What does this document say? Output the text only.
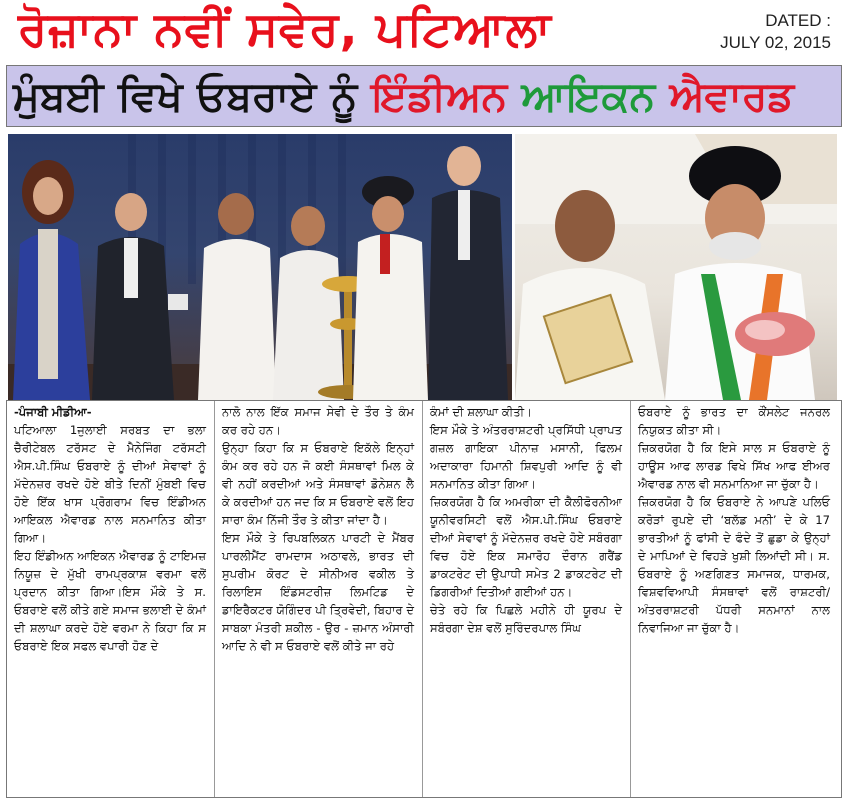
ਰੋਜ਼ਾਨਾ ਨਵੀਂ ਸਵੇਰ, ਪਟਿਆਲਾ	DATED :
JULY 02, 2015
ਮੁੰਬਈ ਵਿਖੇ ਓਬਰਾਏ ਨੂੰ ਇੰਡੀਅਨ ਆਇਕਨ ਐਵਾਰਡ

-ਪੰਜਾਬੀ ਮੀਡੀਆ-

ਪਟਿਆਲਾ 1ਜੁਲਾਈ ਸਰਬਤ ਦਾ ਭਲਾ ਚੈਰੀਟੇਬਲ ਟਰੱਸਟ ਦੇ ਮੈਨੇਜਿੰਗ ਟਰੱਸਟੀ ਐਸ.ਪੀ.ਸਿੰਘ ਓਬਰਾਏ ਨੂੰ ਦੀਆਂ ਸੇਵਾਵਾਂ ਨੂੰ ਮੱਦੇਨਜ਼ਰ ਰਖਦੇ ਹੋਏ ਬੀਤੇ ਦਿਨੀਂ ਮੁੰਬਈ ਵਿਚ ਹੋਏ ਇੱਕ ਖਾਸ ਪ੍ਰੋਗਰਾਮ ਵਿਚ ਇੰਡੀਅਨ ਆਇਕਲ ਐਵਾਰਡ ਨਾਲ ਸਨਮਾਨਿਤ ਕੀਤਾ ਗਿਆ।

ਇਹ ਇੰਡੀਅਨ ਆਇਕਨ ਐਵਾਰਡ ਨੂੰ ਟਾਇਮਜ਼ ਨਿਯੂਜ਼ ਦੇ ਮੁੱਖੀ ਰਾਮਪ੍ਰਕਾਸ਼ ਵਰਮਾ ਵਲੋਂ ਪ੍ਰਦਾਨ ਕੀਤਾ ਗਿਆ।ਇਸ ਮੌਕੇ ਤੇ ਸ. ਓਬਰਾਏ ਵਲੋਂ ਕੀਤੇ ਗਏ ਸਮਾਜ ਭਲਾਈ ਦੇ ਕੰਮਾਂ ਦੀ ਸ਼ਲਾਘਾ ਕਰਦੇ ਹੋਏ ਵਰਮਾ ਨੇ ਕਿਹਾ ਕਿ ਸ ਓਬਰਾਏ ਇਕ ਸਫਲ ਵਪਾਰੀ ਹੋਣ ਦੇ

ਨਾਲੋ ਨਾਲ ਇੱਕ ਸਮਾਜ ਸੇਵੀ ਦੇ ਤੌਰ ਤੇ ਕੰਮ ਕਰ ਰਹੇ ਹਨ।

ਉਨ੍ਹਾ ਕਿਹਾ ਕਿ ਸ ਓਬਰਾਏ ਇਕੱਲੇ ਇਨ੍ਹਾਂ ਕੰਮ ਕਰ ਰਹੇ ਹਨ ਜੋ ਕਈ ਸੰਸਥਾਵਾਂ ਮਿਲ ਕੇ ਵੀ ਨਹੀਂ ਕਰਦੀਆਂ ਅਤੇ ਸੰਸਥਾਵਾਂ ਡੋਨੇਸ਼ਨ ਲੈ ਕੇ ਕਰਦੀਆਂ ਹਨ ਜਦ ਕਿ ਸ ਓਬਰਾਏ ਵਲੋਂ ਇਹ ਸਾਰਾ ਕੰਮ ਨਿੱਜੀ ਤੌਰ ਤੇ ਕੀਤਾ ਜਾਂਦਾ ਹੈ।

ਇਸ ਮੌਕੇ ਤੇ ਰਿਪਬਲਿਕਨ ਪਾਰਟੀ ਦੇ ਮੈਂਬਰ ਪਾਰਲੀਮੈਂਟ ਰਾਮਦਾਸ ਅਠਾਵਲੇ, ਭਾਰਤ ਦੀ ਸੁਪਰੀਮ ਕੋਰਟ ਦੇ ਸੀਨੀਅਰ ਵਕੀਲ ਤੇ ਰਿਲਾਇਸ ਇੰਡਸਟਰੀਜ਼ ਲਿਮਟਿਡ ਦੇ ਡਾਇਰੈਕਟਰ ਯੋਗਿੰਦਰ ਪੀ ਤ੍ਰਿਵੇਦੀ, ਬਿਹਾਰ ਦੇ ਸਾਬਕਾ ਮੰਤਰੀ ਸ਼ਕੀਲ - ਉਰ - ਜ਼ਮਾਨ ਅੰਸਾਰੀ ਆਦਿ ਨੇ ਵੀ ਸ ਓਬਰਾਏ ਵਲੋਂ ਕੀਤੇ ਜਾ ਰਹੇ

ਕੰਮਾਂ ਦੀ ਸ਼ਲਾਘਾ ਕੀਤੀ।

ਇਸ ਮੌਕੇ ਤੇ ਅੰਤਰਰਾਸ਼ਟਰੀ ਪ੍ਰਸਿੱਧੀ ਪ੍ਰਾਪਤ ਗਜ਼ਲ ਗਾਇਕਾ ਪੀਨਾਜ਼ ਮਸਾਨੀ, ਫਿਲਮ ਅਦਾਕਾਰਾ ਹਿਮਾਨੀ ਸ਼ਿਵਪੁਰੀ ਆਦਿ ਨੂੰ ਵੀ ਸਨਮਾਨਿਤ ਕੀਤਾ ਗਿਆ।

ਜ਼ਿਕਰਯੋਗ ਹੈ ਕਿ ਅਮਰੀਕਾ ਦੀ ਕੈਲੀਫੋਰਨੀਆ ਯੂਨੀਵਰਸਿਟੀ ਵਲੋਂ ਐਸ.ਪੀ.ਸਿੰਘ ਓਬਰਾਏ ਦੀਆਂ ਸੇਵਾਵਾਂ ਨੂੰ ਮੱਦੇਨਜ਼ਰ ਰਖਦੇ ਹੋਏ ਸਬੰਰਗਾ ਵਿਚ ਹੋਏ ਇਕ ਸਮਾਰੋਹ ਦੌਰਾਨ ਗਰੈਂਡ ਡਾਕਟਰੇਟ ਦੀ ਉਪਾਧੀ ਸਮੇਤ 2 ਡਾਕਟਰੇਟ ਦੀ ਡਿਗਰੀਆਂ ਦਿਤੀਆਂ ਗਈਆਂ ਹਨ।

ਚੇਤੇ ਰਹੇ ਕਿ ਪਿਛਲੇ ਮਹੀਨੇ ਹੀ ਯੂਰਪ ਦੇ ਸਬੰਰਗਾ ਦੇਸ਼ ਵਲੋਂ ਸੁਰਿੰਦਰਪਾਲ ਸਿੰਘ

ਓਬਰਾਏ ਨੂੰ ਭਾਰਤ ਦਾ ਕੌਂਸਲੇਟ ਜਨਰਲ ਨਿਯੁਕਤ ਕੀਤਾ ਸੀ।

ਜ਼ਿਕਰਯੋਗ ਹੈ ਕਿ ਇਸੇ ਸਾਲ ਸ ਓਬਰਾਏ ਨੂੰ ਹਾਊਸ ਆਫ ਲਾਰਡ ਵਿਖੇ ਸਿੱਖ ਆਫ ਈਅਰ ਐਵਾਰਡ ਨਾਲ ਵੀ ਸਨਮਾਨਿਆ ਜਾ ਚੁੱਕਾ ਹੈ।

ਜ਼ਿਕਰਯੋਗ ਹੈ ਕਿ ਓਬਰਾਏ ਨੇ ਆਪਣੇ ਪਲਿਓ ਕਰੋੜਾਂ ਰੁਪਏ ਦੀ ‘ਬਲੱਡ ਮਨੀ’ ਦੇ ਕੇ 17 ਭਾਰਤੀਆਂ ਨੂੰ ਫਾਂਸੀ ਦੇ ਫੰਦੇ ਤੋਂ ਛੁਡਾ ਕੇ ਉਨ੍ਹਾਂ ਦੇ ਮਾਪਿਆਂ ਦੇ ਵਿਹੜੇ ਖੁਸ਼ੀ ਲਿਆਂਦੀ ਸੀ। ਸ. ਓਬਰਾਏ ਨੂੰ ਅਣਗਿਣਤ ਸਮਾਜਕ, ਧਾਰਮਕ, ਵਿਸ਼ਵਵਿਆਪੀ ਸੰਸਥਾਵਾਂ ਵਲੋਂ ਰਾਸ਼ਟਰੀ/ਅੰਤਰਰਾਸ਼ਟਰੀ ਪੱਧਰੀ ਸਨਮਾਨਾਂ ਨਾਲ ਨਿਵਾਜਿਆ ਜਾ ਚੁੱਕਾ ਹੈ।
